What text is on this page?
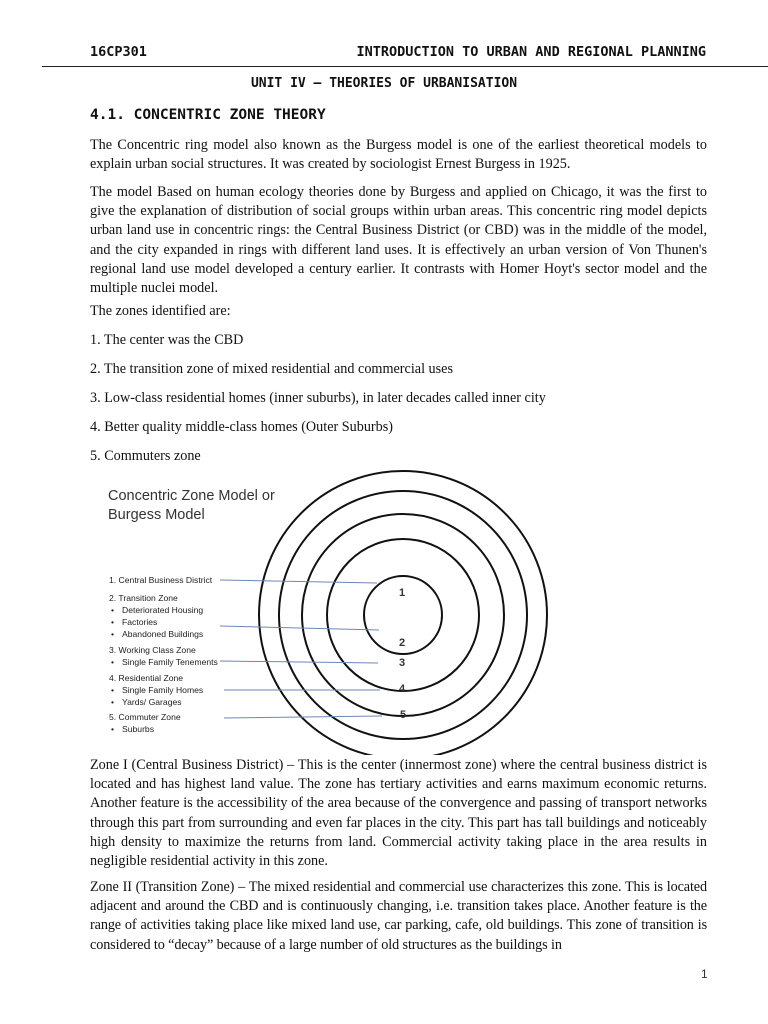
16CP301	INTRODUCTION TO URBAN AND REGIONAL PLANNING
UNIT IV – THEORIES OF URBANISATION
4.1. CONCENTRIC ZONE THEORY

The Concentric ring model also known as the Burgess model is one of the earliest theoretical models to explain urban social structures. It was created by sociologist Ernest Burgess in 1925.

The model Based on human ecology theories done by Burgess and applied on Chicago, it was the first to give the explanation of distribution of social groups within urban areas. This concentric ring model depicts urban land use in concentric rings: the Central Business District (or CBD) was in the middle of the model, and the city expanded in rings with different land uses. It is effectively an urban version of Von Thunen's regional land use model developed a century earlier. It contrasts with Homer Hoyt's sector model and the multiple nuclei model.

The zones identified are:
1. The center was the CBD
2. The transition zone of mixed residential and commercial uses
3. Low-class residential homes (inner suburbs), in later decades called inner city
4. Better quality middle-class homes (Outer Suburbs)
5. Commuters zone
Concentric Zone Model or
Burgess Model
1. Central Business District
2. Transition Zone
• Deteriorated Housing
• Factories
• Abandoned Buildings
3. Working Class Zone
• Single Family Tenements
4. Residential Zone
• Single Family Homes
• Yards/ Garages
5. Commuter Zone
• Suburbs
1
2
3
4
5

Zone I (Central Business District) – This is the center (innermost zone) where the central business district is located and has highest land value. The zone has tertiary activities and earns maximum economic returns. Another feature is the accessibility of the area because of the convergence and passing of transport networks through this part from surrounding and even far places in the city. This part has tall buildings and noticeably high density to maximize the returns from land. Commercial activity taking place in the area results in negligible residential activity in this zone.

Zone II (Transition Zone) – The mixed residential and commercial use characterizes this zone. This is located adjacent and around the CBD and is continuously changing, i.e. transition takes place. Another feature is the range of activities taking place like mixed land use, car parking, cafe, old buildings. This zone of transition is considered to “decay” because of a large number of old structures as the buildings in

1
